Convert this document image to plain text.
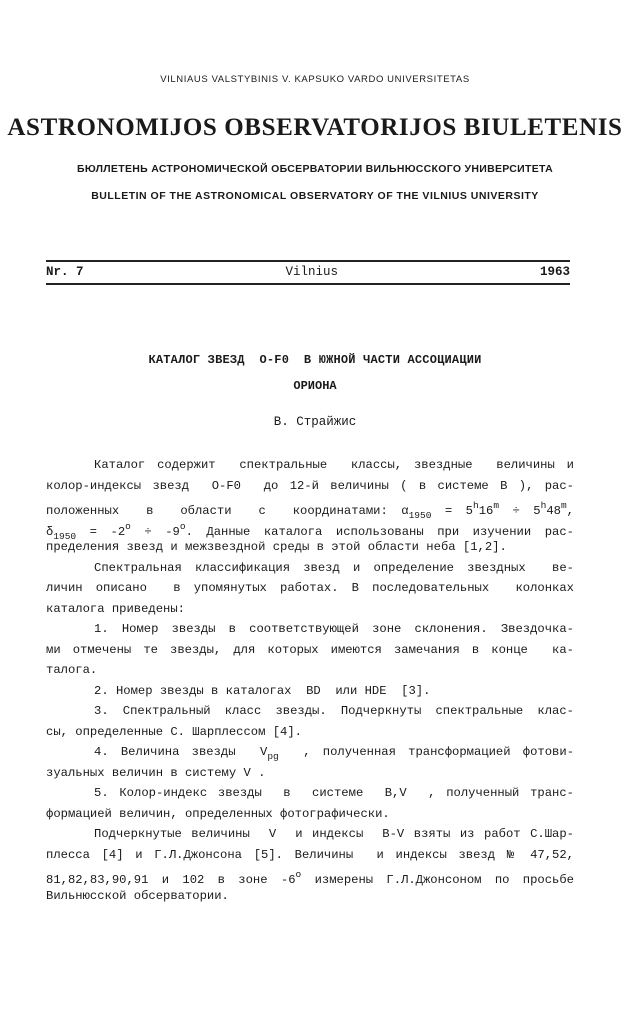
VILNIAUS VALSTYBINIS V. KAPSUKO VARDO UNIVERSITETAS
ASTRONOMIJOS OBSERVATORIJOS BIULETENIS
БЮЛЛЕТЕНЬ АСТРОНОМИЧЕСКОЙ ОБСЕРВАТОРИИ ВИЛЬНЮССКОГО УНИВЕРСИТЕТА
BULLETIN OF THE ASTRONOMICAL OBSERVATORY OF THE VILNIUS UNIVERSITY
Nr. 7	Vilnius	1963
КАТАЛОГ ЗВЕЗД  О-F0  В ЮЖНОЙ ЧАСТИ АССОЦИАЦИИ
ОРИОНА
В. Страйжис
Каталог содержит  спектральные  классы, звездные  величины и
колор-индексы звезд  O-F0  до 12-й величины ( в системе B ), рас-
положенных  в  области  с  координатами: $\alpha_{1950} = 5^h16^m \div 5^h48^m$,
$\delta_{1950} = -2^o \div -9^o$. Данные каталога использованы при изучении рас-
пределения звезд и межзвездной среды в этой области неба [1,2].
Спектральная классификация звезд и определение звездных  ве-
личин описано  в упомянутых работах. В последовательных  колонках
каталога приведены:
1. Номер звезды в соответствующей зоне склонения. Звездочка-
ми отмечены те звезды, для которых имеются замечания в конце  ка-
талога.
2. Номер звезды в каталогах  BD  или HDE  [3].
3. Спектральный класс звезды. Подчеркнуты спектральные клас-
сы, определенные С. Шарплессом [4].
4. Величина звезды  $V_{pg}$  , полученная трансформацией фотови-
зуальных величин в систему V .
5. Колор-индекс звезды  в  системе  B,V  , полученный транс-
формацией величин, определенных фотографически.
Подчеркнутые величины  V  и индексы  B-V взяты из работ С.Шар-
плесса [4] и Г.Л.Джонсона [5]. Величины  и индексы звезд № 47,52,
81,82,83,90,91 и 102 в зоне -6$^o$ измерены Г.Л.Джонсоном по просьбе
Вильнюсской обсерватории.
